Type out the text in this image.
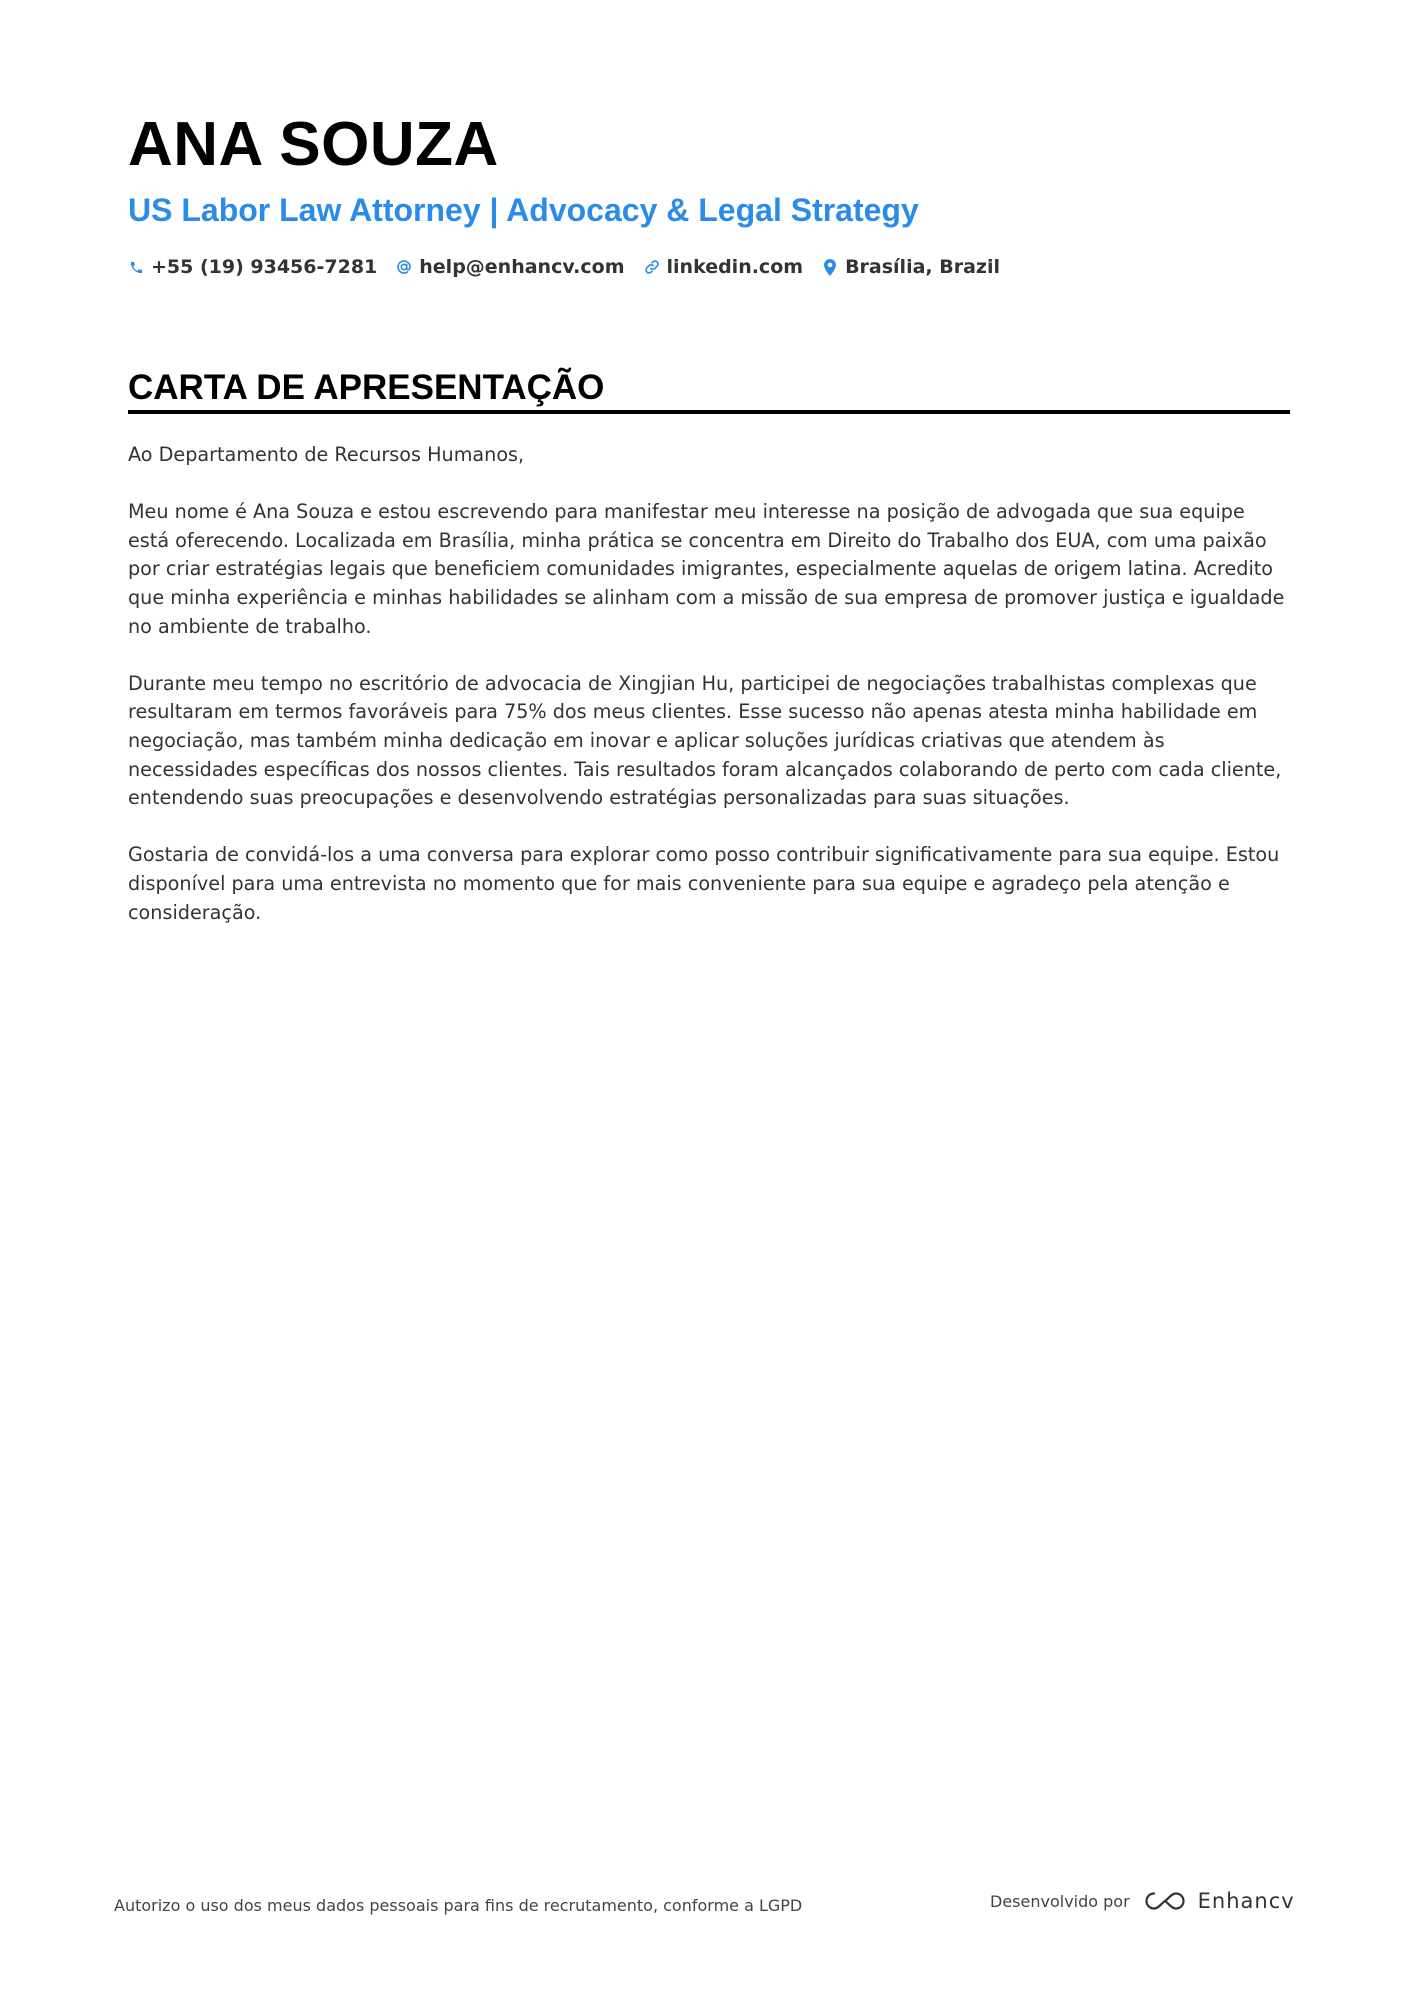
ANA SOUZA
US Labor Law Attorney | Advocacy & Legal Strategy
+55 (19) 93456-7281 help@enhancv.com linkedin.com Brasília, Brazil
CARTA DE APRESENTAÇÃO

Ao Departamento de Recursos Humanos,

Meu nome é Ana Souza e estou escrevendo para manifestar meu interesse na posição de advogada que sua equipe está oferecendo. Localizada em Brasília, minha prática se concentra em Direito do Trabalho dos EUA, com uma paixão por criar estratégias legais que beneficiem comunidades imigrantes, especialmente aquelas de origem latina. Acredito que minha experiência e minhas habilidades se alinham com a missão de sua empresa de promover justiça e igualdade no ambiente de trabalho.

Durante meu tempo no escritório de advocacia de Xingjian Hu, participei de negociações trabalhistas complexas que resultaram em termos favoráveis para 75% dos meus clientes. Esse sucesso não apenas atesta minha habilidade em negociação, mas também minha dedicação em inovar e aplicar soluções jurídicas criativas que atendem às necessidades específicas dos nossos clientes. Tais resultados foram alcançados colaborando de perto com cada cliente, entendendo suas preocupações e desenvolvendo estratégias personalizadas para suas situações.

Gostaria de convidá-los a uma conversa para explorar como posso contribuir significativamente para sua equipe. Estou disponível para uma entrevista no momento que for mais conveniente para sua equipe e agradeço pela atenção e consideração.

Autorizo o uso dos meus dados pessoais para fins de recrutamento, conforme a LGPD	Desenvolvido por	Enhancv
